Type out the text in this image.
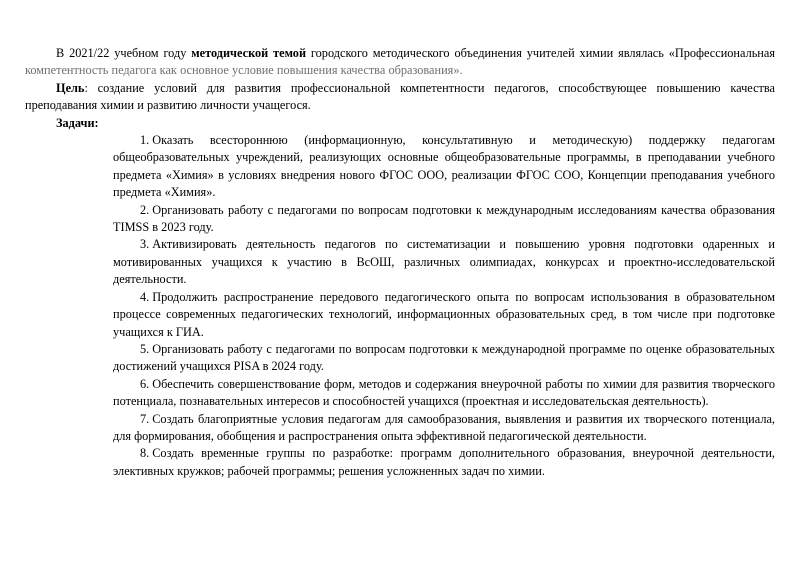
В 2021/22 учебном году методической темой городского методического объединения учителей химии являлась «Профессиональная компетентность педагога как основное условие повышения качества образования».

Цель: создание условий для развития профессиональной компетентности педагогов, способствующее повышению качества преподавания химии и развитию личности учащегося.

Задачи:

1. Оказать всестороннюю (информационную, консультативную и методическую) поддержку педагогам общеобразовательных учреждений, реализующих основные общеобразовательные программы, в преподавании учебного предмета «Химия» в условиях внедрения нового ФГОС ООО, реализации ФГОС СОО, Концепции преподавания учебного предмета «Химия».
2. Организовать работу с педагогами по вопросам подготовки к международным исследованиям качества образования TIMSS в 2023 году.
3. Активизировать деятельность педагогов по систематизации и повышению уровня подготовки одаренных и мотивированных учащихся к участию в ВсОШ, различных олимпиадах, конкурсах и проектно-исследовательской деятельности.
4. Продолжить распространение передового педагогического опыта по вопросам использования в образовательном процессе современных педагогических технологий, информационных образовательных сред, в том числе при подготовке учащихся к ГИА.
5. Организовать работу с педагогами по вопросам подготовки к международной программе по оценке образовательных достижений учащихся PISA в 2024 году.
6. Обеспечить совершенствование форм, методов и содержания внеурочной работы по химии для развития творческого потенциала, познавательных интересов и способностей учащихся (проектная и исследовательская деятельность).
7. Создать благоприятные условия педагогам для самообразования, выявления и развития их творческого потенциала, для формирования, обобщения и распространения опыта эффективной педагогической деятельности.
8. Создать временные группы по разработке: программ дополнительного образования, внеурочной деятельности, элективных кружков; рабочей программы; решения усложненных задач по химии.
